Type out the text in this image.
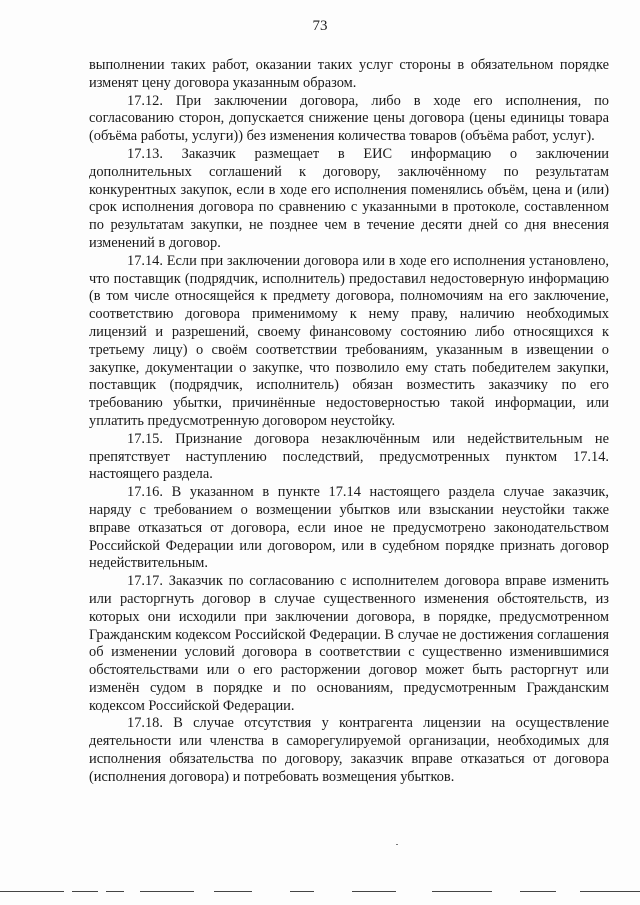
73

выполнении таких работ, оказании таких услуг стороны в обязательном порядке изменят цену договора указанным образом.

17.12. При заключении договора, либо в ходе его исполнения, по согласованию сторон, допускается снижение цены договора (цены единицы товара (объёма работы, услуги)) без изменения количества товаров (объёма работ, услуг).

17.13. Заказчик размещает в ЕИС информацию о заключении дополнительных соглашений к договору, заключённому по результатам конкурентных закупок, если в ходе его исполнения поменялись объём, цена и (или) срок исполнения договора по сравнению с указанными в протоколе, составленном по результатам закупки, не позднее чем в течение десяти дней со дня внесения изменений в договор.

17.14. Если при заключении договора или в ходе его исполнения установлено, что поставщик (подрядчик, исполнитель) предоставил недостоверную информацию (в том числе относящейся к предмету договора, полномочиям на его заключение, соответствию договора применимому к нему праву, наличию необходимых лицензий и разрешений, своему финансовому состоянию либо относящихся к третьему лицу) о своём соответствии требованиям, указанным в извещении о закупке, документации о закупке, что позволило ему стать победителем закупки, поставщик (подрядчик, исполнитель) обязан возместить заказчику по его требованию убытки, причинённые недостоверностью такой информации, или уплатить предусмотренную договором неустойку.

17.15. Признание договора незаключённым или недействительным не препятствует наступлению последствий, предусмотренных пунктом 17.14. настоящего раздела.

17.16. В указанном в пункте 17.14 настоящего раздела случае заказчик, наряду с требованием о возмещении убытков или взыскании неустойки также вправе отказаться от договора, если иное не предусмотрено законодательством Российской Федерации или договором, или в судебном порядке признать договор недействительным.

17.17. Заказчик по согласованию с исполнителем договора вправе изменить или расторгнуть договор в случае существенного изменения обстоятельств, из которых они исходили при заключении договора, в порядке, предусмотренном Гражданским кодексом Российской Федерации. В случае не достижения соглашения об изменении условий договора в соответствии с существенно изменившимися обстоятельствами или о его расторжении договор может быть расторгнут или изменён судом в порядке и по основаниям, предусмотренным Гражданским кодексом Российской Федерации.

17.18. В случае отсутствия у контрагента лицензии на осуществление деятельности или членства в саморегулируемой организации, необходимых для исполнения обязательства по договору, заказчик вправе отказаться от договора (исполнения договора) и потребовать возмещения убытков.
